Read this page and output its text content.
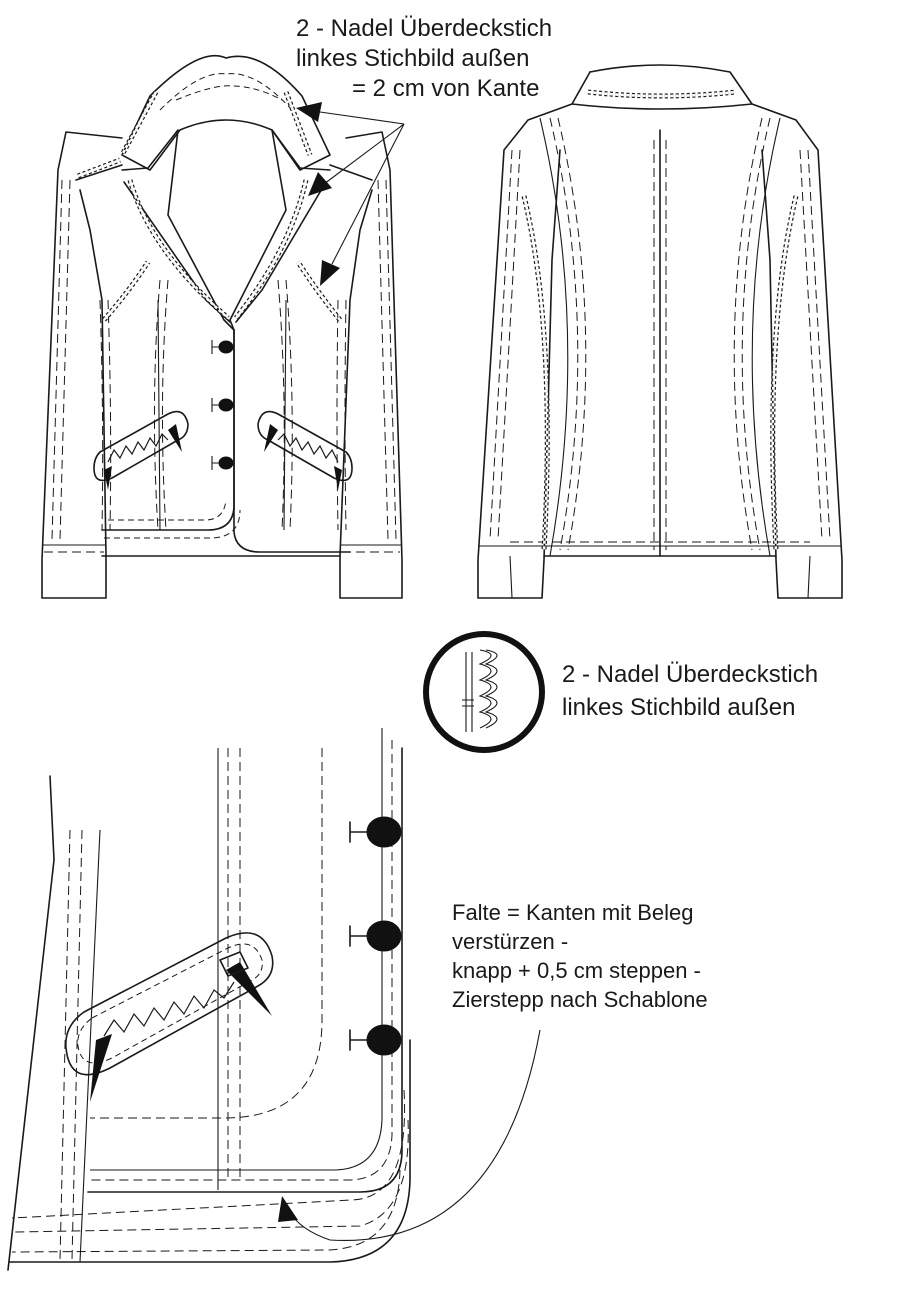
2 - Nadel Überdeckstich
linkes Stichbild außen
= 2 cm von Kante
2 - Nadel Überdeckstich
linkes Stichbild außen
Falte = Kanten mit Beleg
verstürzen -
knapp + 0,5 cm steppen -
Zierstepp nach Schablone
